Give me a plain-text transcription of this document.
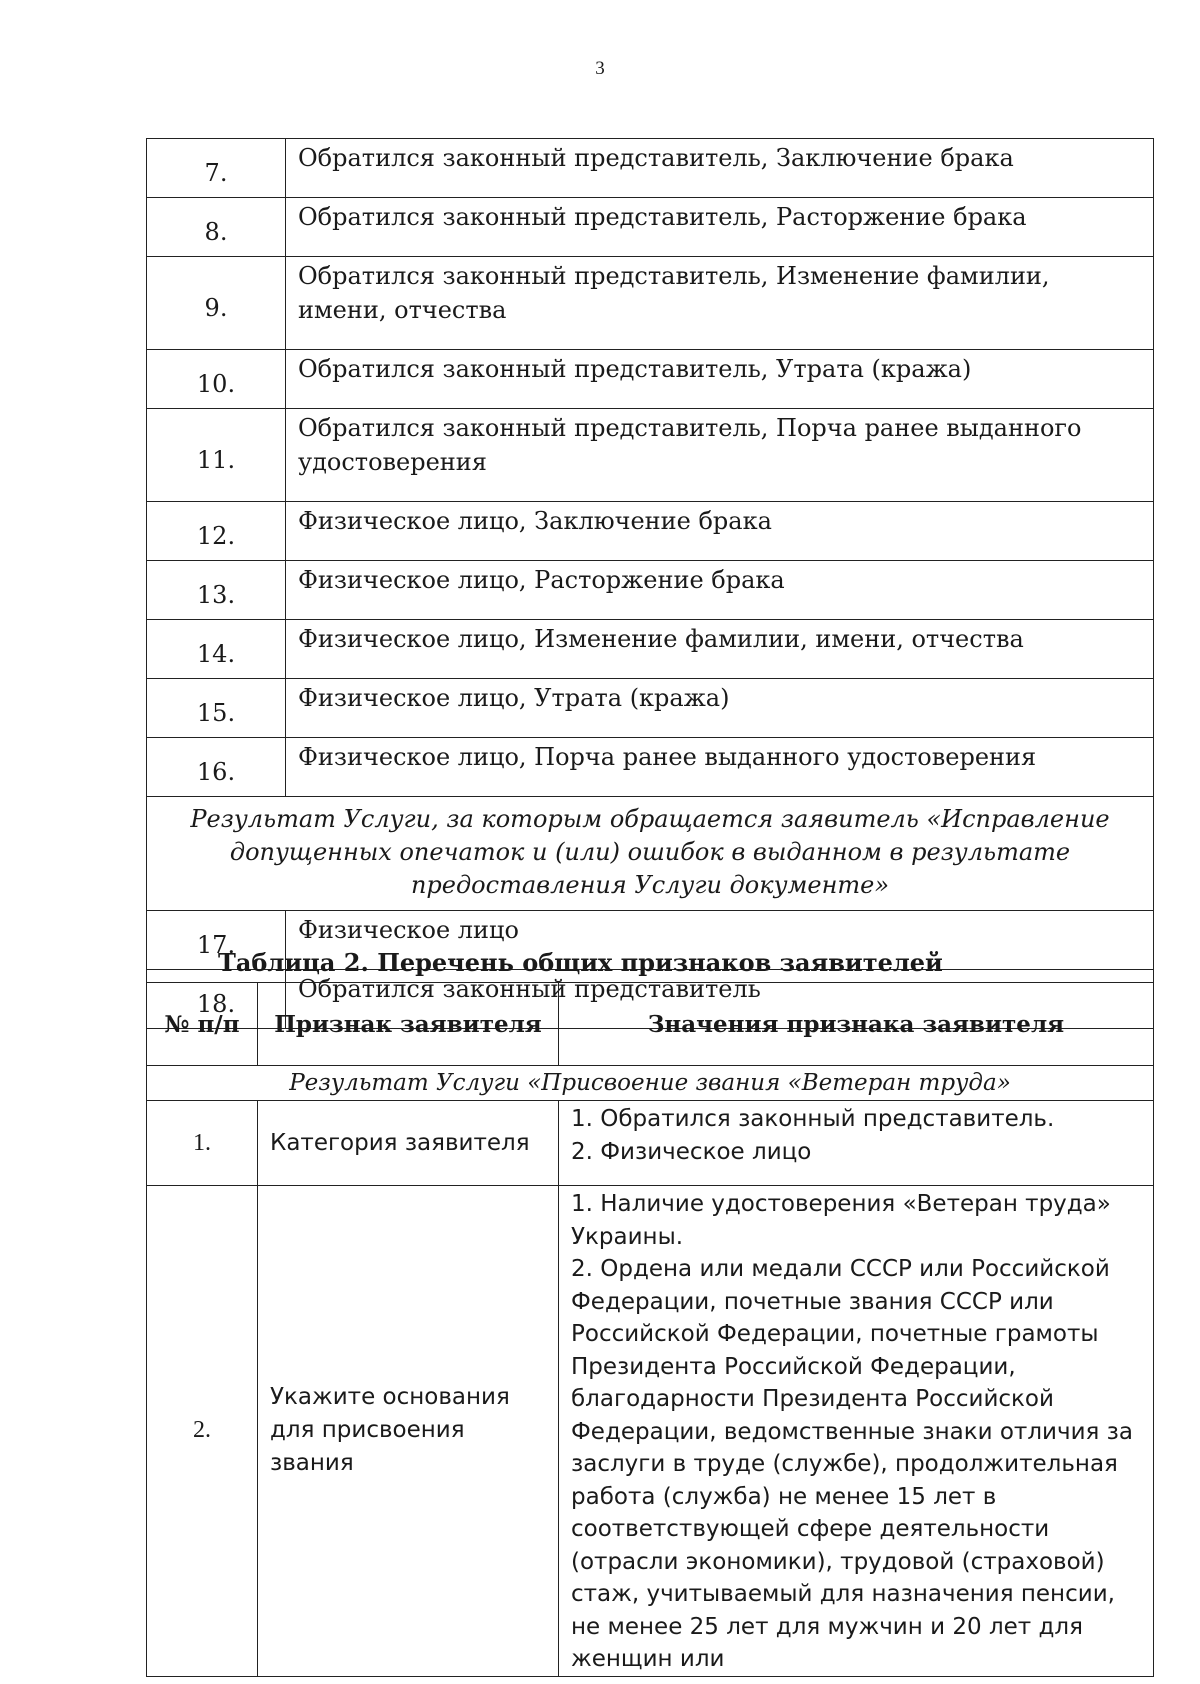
3
7.	Обратился законный представитель, Заключение брака
8.	Обратился законный представитель, Расторжение брака
9.	Обратился законный представитель, Изменение фамилии, имени, отчества
10.	Обратился законный представитель, Утрата (кража)
11.	Обратился законный представитель, Порча ранее выданного удостоверения
12.	Физическое лицо, Заключение брака
13.	Физическое лицо, Расторжение брака
14.	Физическое лицо, Изменение фамилии, имени, отчества
15.	Физическое лицо, Утрата (кража)
16.	Физическое лицо, Порча ранее выданного удостоверения
Результат Услуги, за которым обращается заявитель «Исправление допущенных опечаток и (или) ошибок в выданном в результате предоставления Услуги документе»	
17.	Физическое лицо
18.	Обратился законный представитель
Таблица 2. Перечень общих признаков заявителей
№ п/п	Признак заявителя	Значения признака заявителя
Результат Услуги «Присвоение звания «Ветеран труда»		
1.	Категория заявителя	1. Обратился законный представитель.
2. Физическое лицо

2.	Укажите основания для присвоения звания	1. Наличие удостоверения «Ветеран труда» Украины.
2. Ордена или медали СССР или Российской Федерации, почетные звания СССР или Российской Федерации, почетные грамоты Президента Российской Федерации, благодарности Президента Российской Федерации, ведомственные знаки отличия за заслуги в труде (службе), продолжительная работа (служба) не менее 15 лет в соответствующей сфере деятельности (отрасли экономики), трудовой (страховой) стаж, учитываемый для назначения пенсии, не менее 25 лет для мужчин и 20 лет для женщин или
